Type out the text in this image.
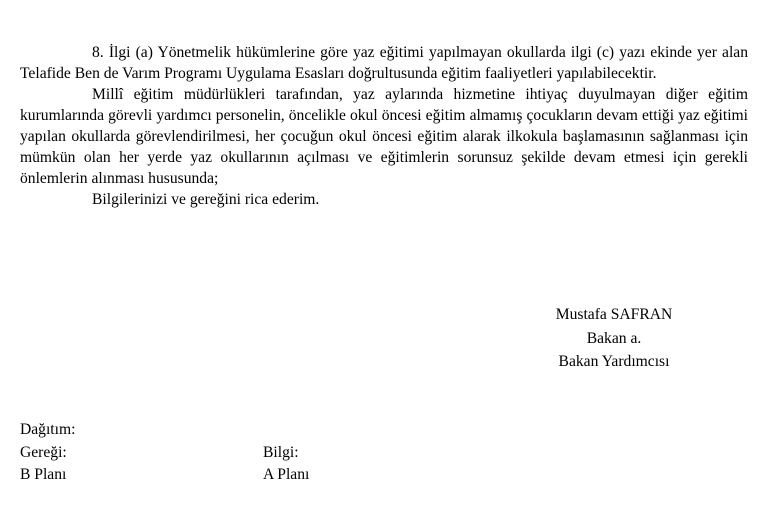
8. İlgi (a) Yönetmelik hükümlerine göre yaz eğitimi yapılmayan okullarda ilgi (c) yazı ekinde yer alan Telafide Ben de Varım Programı Uygulama Esasları doğrultusunda eğitim faaliyetleri yapılabilecektir.

Millî eğitim müdürlükleri tarafından, yaz aylarında hizmetine ihtiyaç duyulmayan diğer eğitim kurumlarında görevli yardımcı personelin, öncelikle okul öncesi eğitim almamış çocukların devam ettiği yaz eğitimi yapılan okullarda görevlendirilmesi, her çocuğun okul öncesi eğitim alarak ilkokula başlamasının sağlanması için mümkün olan her yerde yaz okullarının açılması ve eğitimlerin sorunsuz şekilde devam etmesi için gerekli önlemlerin alınması hususunda;

Bilgilerinizi ve gereğini rica ederim.

Mustafa SAFRAN
Bakan a.
Bakan Yardımcısı
Dağıtım:
Gereği:	Bilgi:
B Planı	A Planı
